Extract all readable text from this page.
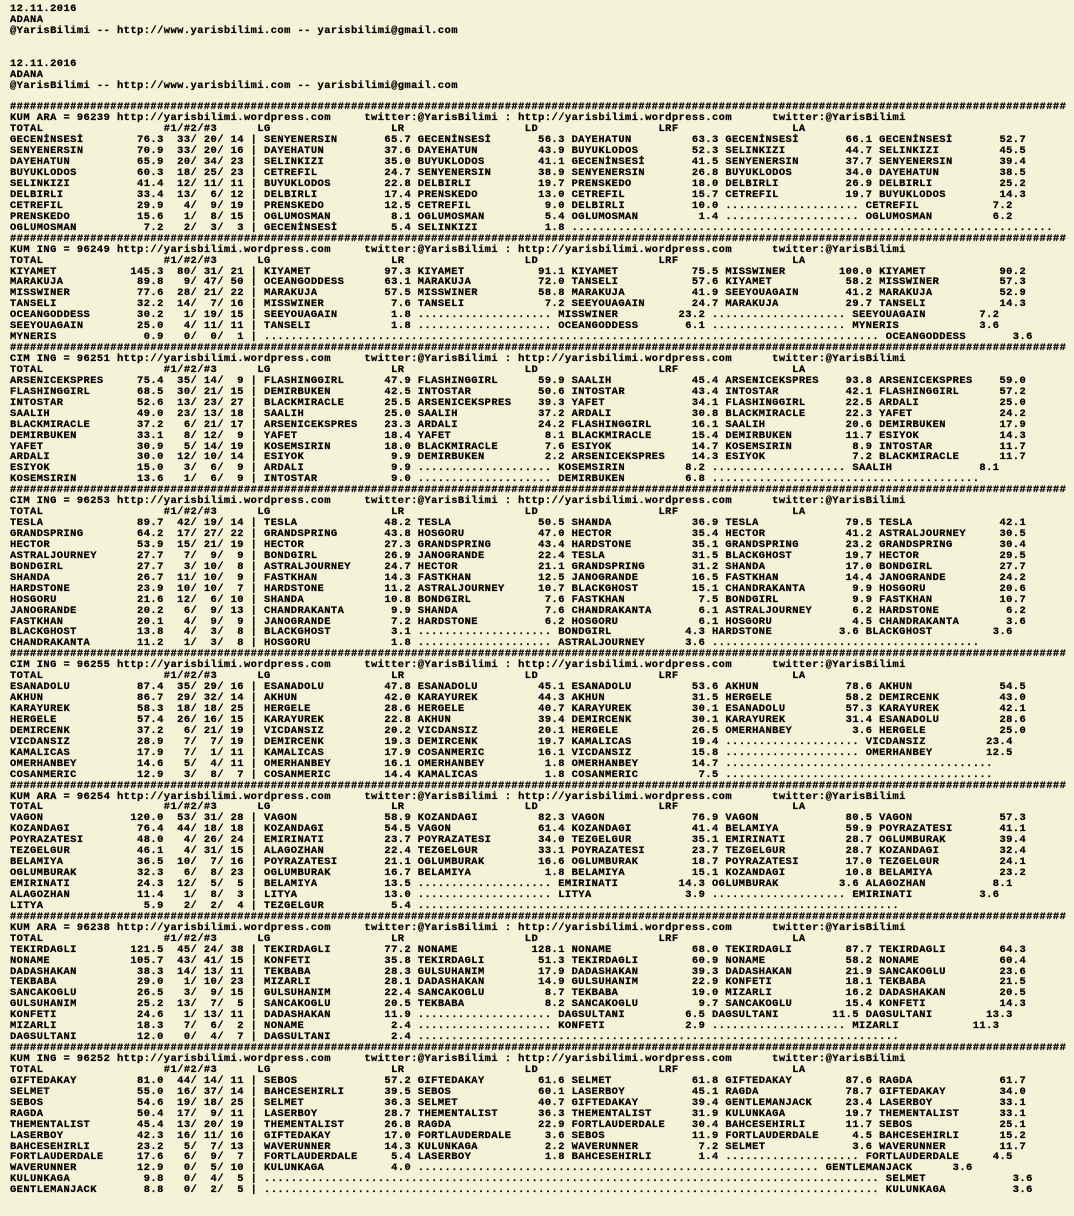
12.11.2016
ADANA
@YarisBilimi -- http://www.yarisbilimi.com -- yarisbilimi@gmail.com
12.11.2016
ADANA
@YarisBilimi -- http://www.yarisbilimi.com -- yarisbilimi@gmail.com
##############################################################################################################################################################
KUM ARA = 96239 http://yarisbilimi.wordpress.com     twitter:@YarisBilimi : http://yarisbilimi.wordpress.com      twitter:@YarisBilimi
TOTAL                  #1/#2/#3      LG                  LR                  LD                  LRF                 LA
GECENİNSESİ        76.3  33/ 20/ 14 | SENYENERSIN       65.7 GECENİNSESİ       56.3 DAYEHATUN         63.3 GECENİNSESİ       66.1 GECENİNSESİ       52.7
SENYENERSIN        70.9  33/ 20/ 16 | DAYEHATUN         37.6 DAYEHATUN         43.9 BUYUKLODOS        52.3 SELINKIZI         44.7 SELINKIZI         45.5
DAYEHATUN          65.9  20/ 34/ 23 | SELINKIZI         35.0 BUYUKLODOS        41.1 GECENİNSESİ       41.5 SENYENERSIN       37.7 SENYENERSIN       39.4
BUYUKLODOS         60.3  18/ 25/ 23 | CETREFIL          24.7 SENYENERSIN       38.9 SENYENERSIN       26.8 BUYUKLODOS        34.0 DAYEHATUN         38.5
SELINKIZI          41.4  12/ 11/ 11 | BUYUKLODOS        22.8 DELBIRLI          19.7 PRENSKEDO         18.0 DELBIRLI          26.9 DELBIRLI          25.2
DELBIRLI           33.4  13/  6/ 12 | DELBIRLI          17.4 PRENSKEDO         13.0 CETREFIL          15.7 CETREFIL          19.7 BUYUKLODOS        14.3
CETREFIL           29.9   4/  9/ 19 | PRENSKEDO         12.5 CETREFIL           9.0 DELBIRLI          10.0 .................... CETREFIL           7.2
PRENSKEDO          15.6   1/  8/ 15 | OGLUMOSMAN         8.1 OGLUMOSMAN         5.4 OGLUMOSMAN         1.4 .................... OGLUMOSMAN         6.2
OGLUMOSMAN          7.2   2/  3/  3 | GECENİNSESİ        5.4 SELINKIZI          1.8 ........................................................................
##############################################################################################################################################################
KUM ING = 96249 http://yarisbilimi.wordpress.com     twitter:@YarisBilimi : http://yarisbilimi.wordpress.com      twitter:@YarisBilimi
TOTAL                  #1/#2/#3      LG                  LR                  LD                  LRF                 LA
KIYAMET           145.3  80/ 31/ 21 | KIYAMET           97.3 KIYAMET           91.1 KIYAMET           75.5 MISSWINER        100.0 KIYAMET           90.2
MARAKUJA           89.8   9/ 47/ 50 | OCEANGODDESS      63.1 MARAKUJA          72.0 TANSELI           57.6 KIYAMET           58.2 MISSWINER         57.3
MISSWINER          77.6  28/ 21/ 22 | MARAKUJA          57.5 MISSWINER         58.8 MARAKUJA          41.9 SEEYOUAGAIN       41.2 MARAKUJA          52.9
TANSELI            32.2  14/  7/ 16 | MISSWINER          7.6 TANSELI            7.2 SEEYOUAGAIN       24.7 MARAKUJA          29.7 TANSELI           14.3
OCEANGODDESS       30.2   1/ 19/ 15 | SEEYOUAGAIN        1.8 .................... MISSWINER         23.2 .................... SEEYOUAGAIN        7.2
SEEYOUAGAIN        25.0   4/ 11/ 11 | TANSELI            1.8 .................... OCEANGODDESS       6.1 .................... MYNERIS            3.6
MYNERIS             0.9   0/  0/  1 | ............................................................................................ OCEANGODDESS       3.6
##############################################################################################################################################################
CIM ING = 96251 http://yarisbilimi.wordpress.com     twitter:@YarisBilimi : http://yarisbilimi.wordpress.com      twitter:@YarisBilimi
TOTAL                  #1/#2/#3      LG                  LR                  LD                  LRF                 LA
ARSENICEKSPRES     75.4  35/ 14/  9 | FLASHINGGIRL      47.9 FLASHINGGIRL      59.9 SAALIH            45.4 ARSENICEKSPRES    93.8 ARSENICEKSPRES    59.0
FLASHINGGIRL       68.5  30/ 21/ 15 | DEMIRBUKEN        42.5 INTOSTAR          50.6 INTOSTAR          43.4 INTOSTAR          42.1 FLASHINGGIRL      57.2
INTOSTAR           52.6  13/ 23/ 27 | BLACKMIRACLE      25.5 ARSENICEKSPRES    39.3 YAFET             34.1 FLASHINGGIRL      22.5 ARDALI            25.0
SAALIH             49.0  23/ 13/ 18 | SAALIH            25.0 SAALIH            37.2 ARDALI            30.8 BLACKMIRACLE      22.3 YAFET             24.2
BLACKMIRACLE       37.2   6/ 21/ 17 | ARSENICEKSPRES    23.3 ARDALI            24.2 FLASHINGGIRL      16.1 SAALIH            20.6 DEMIRBUKEN        17.9
DEMIRBUKEN         33.1   8/ 12/  9 | YAFET             18.4 YAFET              8.1 BLACKMIRACLE      15.4 DEMIRBUKEN        11.7 ESIYOK            14.3
YAFET              30.9   5/ 14/ 19 | KOSEMSIRIN        18.0 BLACKMIRACLE       7.6 ESIYOK            14.7 KOSEMSIRIN         8.9 INTOSTAR          11.7
ARDALI             30.0  12/ 10/ 14 | ESIYOK             9.9 DEMIRBUKEN         2.2 ARSENICEKSPRES    14.3 ESIYOK             7.2 BLACKMIRACLE      11.7
ESIYOK             15.0   3/  6/  9 | ARDALI             9.9 .................... KOSEMSIRIN         8.2 .................... SAALIH             8.1
KOSEMSIRIN         13.6   1/  6/  9 | INTOSTAR           9.0 .................... DEMIRBUKEN         6.8 ........................................
##############################################################################################################################################################
CIM ING = 96253 http://yarisbilimi.wordpress.com     twitter:@YarisBilimi : http://yarisbilimi.wordpress.com      twitter:@YarisBilimi
TOTAL                  #1/#2/#3      LG                  LR                  LD                  LRF                 LA
TESLA              89.7  42/ 19/ 14 | TESLA             48.2 TESLA             50.5 SHANDA            36.9 TESLA             79.5 TESLA             42.1
GRANDSPRING        64.2  17/ 27/ 22 | GRANDSPRING       43.8 HOSGORU           47.0 HECTOR            35.4 HECTOR            41.2 ASTRALJOURNEY     30.5
HECTOR             53.9  15/ 21/ 19 | HECTOR            27.3 GRANDSPRING       43.4 HARDSTONE         35.1 GRANDSPRING       23.2 GRANDSPRING       30.4
ASTRALJOURNEY      27.7   7/  9/  9 | BONDGIRL          26.9 JANOGRANDE        22.4 TESLA             31.5 BLACKGHOST        19.7 HECTOR            29.5
BONDGIRL           27.7   3/ 10/  8 | ASTRALJOURNEY     24.7 HECTOR            21.1 GRANDSPRING       31.2 SHANDA            17.0 BONDGIRL          27.7
SHANDA             26.7  11/ 10/  9 | FASTKHAN          14.3 FASTKHAN          12.5 JANOGRANDE        16.5 FASTKHAN          14.4 JANOGRANDE        24.2
HARDSTONE          23.9  10/ 10/  7 | HARDSTONE         11.2 ASTRALJOURNEY     10.7 BLACKGHOST        15.1 CHANDRAKANTA       9.9 HOSGORU           20.6
HOSGORU            21.6  12/  6/ 10 | SHANDA            10.8 BONDGIRL           7.6 FASTKHAN           7.5 BONDGIRL           9.9 FASTKHAN          10.7
JANOGRANDE         20.2   6/  9/ 13 | CHANDRAKANTA       9.9 SHANDA             7.6 CHANDRAKANTA       6.1 ASTRALJOURNEY      6.2 HARDSTONE          6.2
FASTKHAN           20.1   4/  9/  9 | JANOGRANDE         7.2 HARDSTONE          6.2 HOSGORU            6.1 HOSGORU            4.5 CHANDRAKANTA       3.6
BLACKGHOST         13.8   4/  3/  8 | BLACKGHOST         3.1 .................... BONDGIRL           4.3 HARDSTONE          3.6 BLACKGHOST         3.6
CHANDRAKANTA       11.2   1/  3/  8 | HOSGORU            1.8 .................... ASTRALJOURNEY      3.6 ........................................
##############################################################################################################################################################
CIM ING = 96255 http://yarisbilimi.wordpress.com     twitter:@YarisBilimi : http://yarisbilimi.wordpress.com      twitter:@YarisBilimi
TOTAL                  #1/#2/#3      LG                  LR                  LD                  LRF                 LA
ESANADOLU          87.4  35/ 29/ 16 | ESANADOLU         47.8 ESANADOLU         45.1 ESANADOLU         53.6 AKHUN             78.6 AKHUN             54.5
AKHUN              86.7  29/ 32/ 14 | AKHUN             42.0 KARAYUREK         44.3 AKHUN             31.5 HERGELE           58.2 DEMIRCENK         43.0
KARAYUREK          58.3  18/ 18/ 25 | HERGELE           28.6 HERGELE           40.7 KARAYUREK         30.1 ESANADOLU         57.3 KARAYUREK         42.1
HERGELE            57.4  26/ 16/ 15 | KARAYUREK         22.8 AKHUN             39.4 DEMIRCENK         30.1 KARAYUREK         31.4 ESANADOLU         28.6
DEMIRCENK          37.2   6/ 21/ 19 | VICDANSIZ         20.2 VICDANSIZ         20.1 HERGELE           26.5 OMERHANBEY         3.6 HERGELE           25.0
VICDANSIZ          28.9   7/  7/ 19 | DEMIRCENK         19.3 DEMIRCENK         19.7 KAMALICAS         19.4 .................... VICDANSIZ         23.4
KAMALICAS          17.9   7/  1/ 11 | KAMALICAS         17.9 COSANMERIC        16.1 VICDANSIZ         15.8 .................... OMERHANBEY        12.5
OMERHANBEY         14.6   5/  4/ 11 | OMERHANBEY        16.1 OMERHANBEY         1.8 OMERHANBEY        14.7 ........................................
COSANMERIC         12.9   3/  8/  7 | COSANMERIC        14.4 KAMALICAS          1.8 COSANMERIC         7.5 ........................................
##############################################################################################################################################################
KUM ARA = 96254 http://yarisbilimi.wordpress.com     twitter:@YarisBilimi : http://yarisbilimi.wordpress.com      twitter:@YarisBilimi
TOTAL                  #1/#2/#3      LG                  LR                  LD                  LRF                 LA
VAGON             120.0  53/ 31/ 28 | VAGON             58.9 KOZANDAGI         82.3 VAGON             76.9 VAGON             80.5 VAGON             57.3
KOZANDAGI          76.4  44/ 18/ 18 | KOZANDAGI         54.5 VAGON             61.4 KOZANDAGI         41.4 BELAMIYA          59.9 POYRAZATESI       41.1
POYRAZATESI        48.0   4/ 26/ 24 | EMIRINATI         23.7 POYRAZATESI       34.0 TEZGELGUR         35.1 EMIRINATI         28.7 OGLUMBURAK        39.4
TEZGELGUR          46.1   4/ 31/ 15 | ALAGOZHAN         22.4 TEZGELGUR         33.1 POYRAZATESI       23.7 TEZGELGUR         28.7 KOZANDAGI         32.4
BELAMIYA           36.5  10/  7/ 16 | POYRAZATESI       21.1 OGLUMBURAK        16.6 OGLUMBURAK        18.7 POYRAZATESI       17.0 TEZGELGUR         24.1
OGLUMBURAK         32.3   6/  8/ 23 | OGLUMBURAK        16.7 BELAMIYA           1.8 BELAMIYA          15.1 KOZANDAGI         10.8 BELAMIYA          23.2
EMIRINATI          24.3  12/  5/  5 | BELAMIYA          13.5 .................... EMIRINATI         14.3 OGLUMBURAK         3.6 ALAGOZHAN          8.1
ALAGOZHAN          11.4   1/  8/  3 | LITYA             13.0 .................... LITYA              3.9 .................... EMIRINATI          3.6
LITYA               5.9   2/  2/  4 | TEZGELGUR          5.4 ........................................................................
##############################################################################################################################################################
KUM ARA = 96238 http://yarisbilimi.wordpress.com     twitter:@YarisBilimi : http://yarisbilimi.wordpress.com      twitter:@YarisBilimi
TOTAL                  #1/#2/#3      LG                  LR                  LD                  LRF                 LA
TEKIRDAGLI        121.5  45/ 24/ 38 | TEKIRDAGLI        77.2 NONAME           128.1 NONAME            68.0 TEKIRDAGLI        87.7 TEKIRDAGLI        64.3
NONAME            105.7  43/ 41/ 15 | KONFETI           35.8 TEKIRDAGLI        51.3 TEKIRDAGLI        60.9 NONAME            58.2 NONAME            60.4
DADASHAKAN         38.3  14/ 13/ 11 | TEKBABA           28.3 GULSUHANIM        17.9 DADASHAKAN        39.3 DADASHAKAN        21.9 SANCAKOGLU        23.6
TEKBABA            29.0   1/ 10/ 23 | MIZARLI           28.1 DADASHAKAN        14.9 GULSUHANIM        22.9 KONFETI           18.1 TEKBABA           21.5
SANCAKOGLU         26.5   3/  9/ 15 | GULSUHANIM        22.4 SANCAKOGLU         8.7 TEKBABA           19.0 MIZARLI           16.2 DADASHAKAN        20.5
GULSUHANIM         25.2  13/  7/  5 | SANCAKOGLU        20.5 TEKBABA            8.2 SANCAKOGLU         9.7 SANCAKOGLU        15.4 KONFETI           14.3
KONFETI            24.6   1/ 13/ 11 | DADASHAKAN        11.9 .................... DAGSULTANI         6.5 DAGSULTANI        11.5 DAGSULTANI        13.3
MIZARLI            18.3   7/  6/  2 | NONAME             2.4 .................... KONFETI            2.9 .................... MIZARLI           11.3
DAGSULTANI         12.0   0/  4/  7 | DAGSULTANI         2.4 ........................................................................
##############################################################################################################################################################
KUM ING = 96252 http://yarisbilimi.wordpress.com     twitter:@YarisBilimi : http://yarisbilimi.wordpress.com      twitter:@YarisBilimi
TOTAL                  #1/#2/#3      LG                  LR                  LD                  LRF                 LA
GIFTEDAKAY         81.0  44/ 14/ 11 | SEBOS             57.2 GIFTEDAKAY        61.6 SELMET            61.8 GIFTEDAKAY        87.6 RAGDA             61.7
SELMET             55.0  16/ 37/ 14 | BAHCESEHIRLI      39.5 SEBOS             60.1 LASERBOY          45.1 RAGDA             78.7 GIFTEDAKAY        34.0
SEBOS              54.6  19/ 18/ 25 | SELMET            36.3 SELMET            40.7 GIFTEDAKAY        39.4 GENTLEMANJACK     23.4 LASERBOY          33.1
RAGDA              50.4  17/  9/ 11 | LASERBOY          28.7 THEMENTALIST      36.3 THEMENTALIST      31.9 KULUNKAGA         19.7 THEMENTALIST      33.1
THEMENTALIST       45.4  13/ 20/ 19 | THEMENTALIST      26.8 RAGDA             22.9 FORTLAUDERDALE    30.4 BAHCESEHIRLI      11.7 SEBOS             25.1
LASERBOY           42.3  16/ 11/ 16 | GIFTEDAKAY        17.0 FORTLAUDERDALE     3.6 SEBOS             11.9 FORTLAUDERDALE     4.5 BAHCESEHIRLI      15.2
BAHCESEHIRLI       23.2   5/  7/ 13 | WAVERUNNER        14.3 KULUNKAGA          2.2 WAVERUNNER         7.2 SELMET             3.6 WAVERUNNER        11.7
FORTLAUDERDALE     17.6   6/  9/  7 | FORTLAUDERDALE     5.4 LASERBOY           1.8 BAHCESEHIRLI       1.4 .................... FORTLAUDERDALE     4.5
WAVERUNNER         12.9   0/  5/ 10 | KULUNKAGA          4.0 ............................................................ GENTLEMANJACK      3.6
KULUNKAGA           9.8   0/  4/  5 | ............................................................................................ SELMET             3.6
GENTLEMANJACK       8.8   0/  2/  5 | ............................................................................................ KULUNKAGA          3.6
